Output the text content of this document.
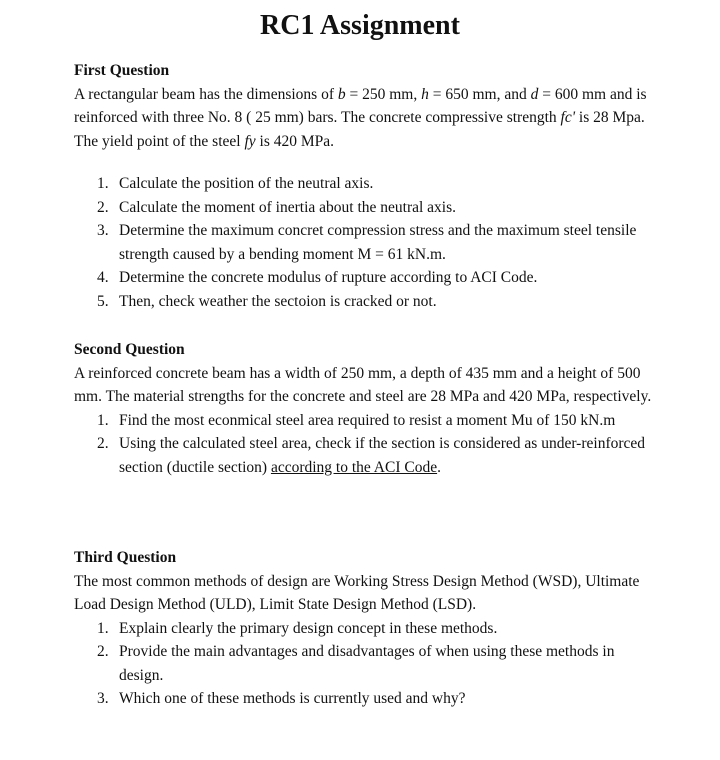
RC1 Assignment
First Question

A rectangular beam has the dimensions of b = 250 mm, h = 650 mm, and d = 600 mm and is reinforced with three No. 8 ( 25 mm) bars. The concrete compressive strength fc' is 28 Mpa. The yield point of the steel fy is 420 MPa.

1. Calculate the position of the neutral axis.
2. Calculate the moment of inertia about the neutral axis.
3. Determine the maximum concret compression stress and the maximum steel tensile strength caused by a bending moment M = 61 kN.m.
4. Determine the concrete modulus of rupture according to ACI Code.
5. Then, check weather the sectoion is cracked or not.
Second Question

A reinforced concrete beam has a width of 250 mm, a depth of 435 mm and a height of 500 mm. The material strengths for the concrete and steel are 28 MPa and 420 MPa, respectively.

1. Find the most econmical steel area required to resist a moment Mu of 150 kN.m
2. Using the calculated steel area, check if the section is considered as under-reinforced section (ductile section) according to the ACI Code.
Third Question

The most common methods of design are Working Stress Design Method (WSD), Ultimate Load Design Method (ULD), Limit State Design Method (LSD).

1. Explain clearly the primary design concept in these methods.
2. Provide the main advantages and disadvantages of when using these methods in design.
3. Which one of these methods is currently used and why?
